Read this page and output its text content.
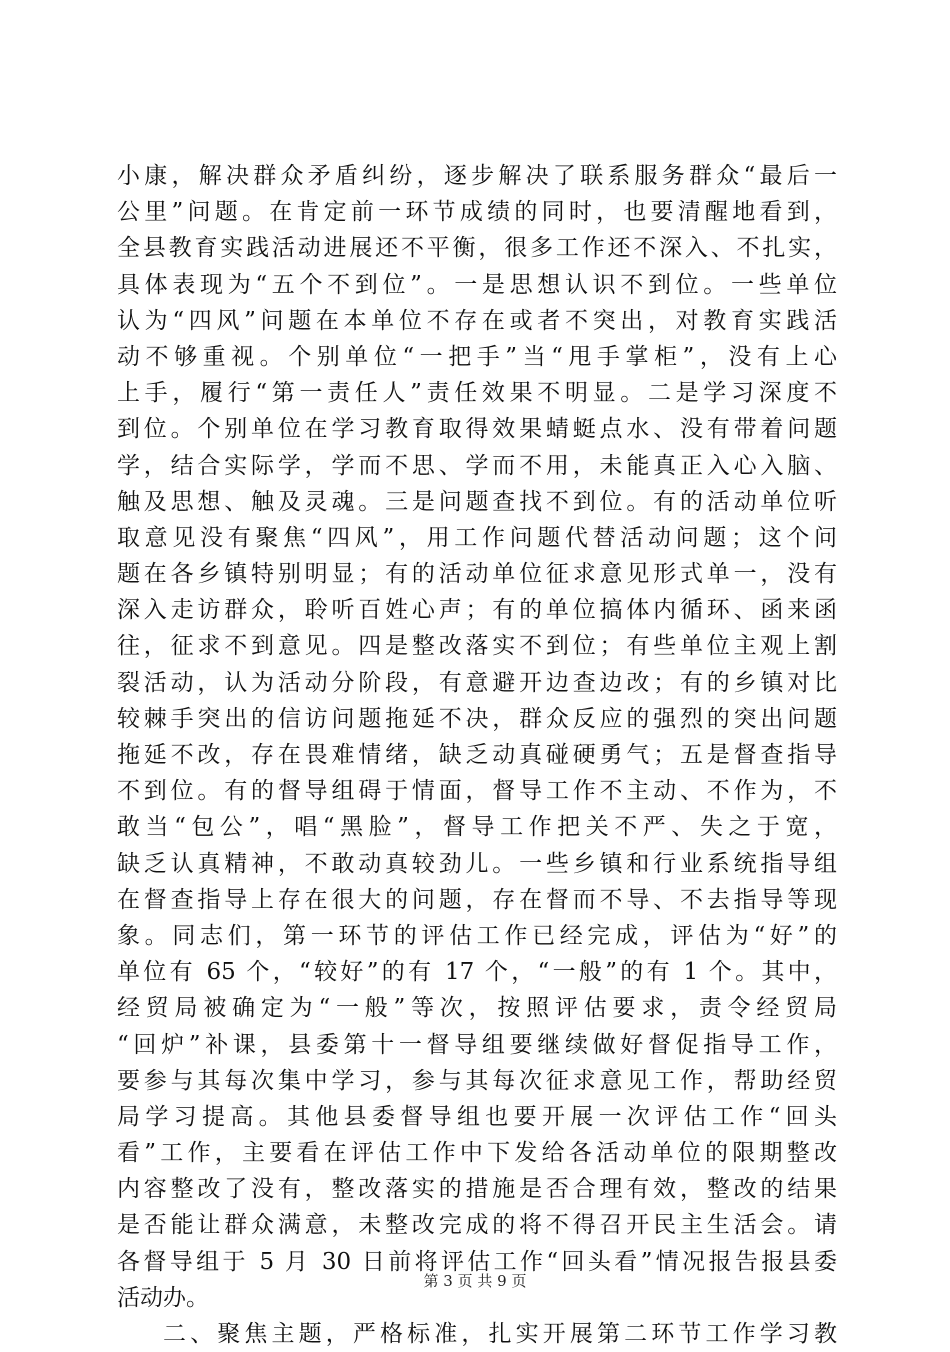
小康，解决群众矛盾纠纷，逐步解决了联系服务群众“最后一
公里”问题。在肯定前一环节成绩的同时，也要清醒地看到，
全县教育实践活动进展还不平衡，很多工作还不深入、不扎实，
具体表现为“五个不到位”。一是思想认识不到位。一些单位
认为“四风”问题在本单位不存在或者不突出，对教育实践活
动不够重视。个别单位“一把手”当“甩手掌柜”，没有上心
上手，履行“第一责任人”责任效果不明显。二是学习深度不
到位。个别单位在学习教育取得效果蜻蜓点水、没有带着问题
学，结合实际学，学而不思、学而不用，未能真正入心入脑、
触及思想、触及灵魂。三是问题查找不到位。有的活动单位听
取意见没有聚焦“四风”，用工作问题代替活动问题；这个问
题在各乡镇特别明显；有的活动单位征求意见形式单一，没有
深入走访群众，聆听百姓心声；有的单位搞体内循环、函来函
往，征求不到意见。四是整改落实不到位；有些单位主观上割
裂活动，认为活动分阶段，有意避开边查边改；有的乡镇对比
较棘手突出的信访问题拖延不决，群众反应的强烈的突出问题
拖延不改，存在畏难情绪，缺乏动真碰硬勇气；五是督查指导
不到位。有的督导组碍于情面，督导工作不主动、不作为，不
敢当“包公”，唱“黑脸”，督导工作把关不严、失之于宽，
缺乏认真精神，不敢动真较劲儿。一些乡镇和行业系统指导组
在督查指导上存在很大的问题，存在督而不导、不去指导等现
象。同志们，第一环节的评估工作已经完成，评估为“好”的
单位有 65 个，“较好”的有 17 个，“一般”的有 1 个。其中，
经贸局被确定为“一般”等次，按照评估要求，责令经贸局
“回炉”补课，县委第十一督导组要继续做好督促指导工作，
要参与其每次集中学习，参与其每次征求意见工作，帮助经贸
局学习提高。其他县委督导组也要开展一次评估工作“回头
看”工作，主要看在评估工作中下发给各活动单位的限期整改
内容整改了没有，整改落实的措施是否合理有效，整改的结果
是否能让群众满意，未整改完成的将不得召开民主生活会。请
各督导组于 5 月 30 日前将评估工作“回头看”情况报告报县委
活动办。
二、聚焦主题，严格标准，扎实开展第二环节工作学习教
第 3 页 共 9 页
